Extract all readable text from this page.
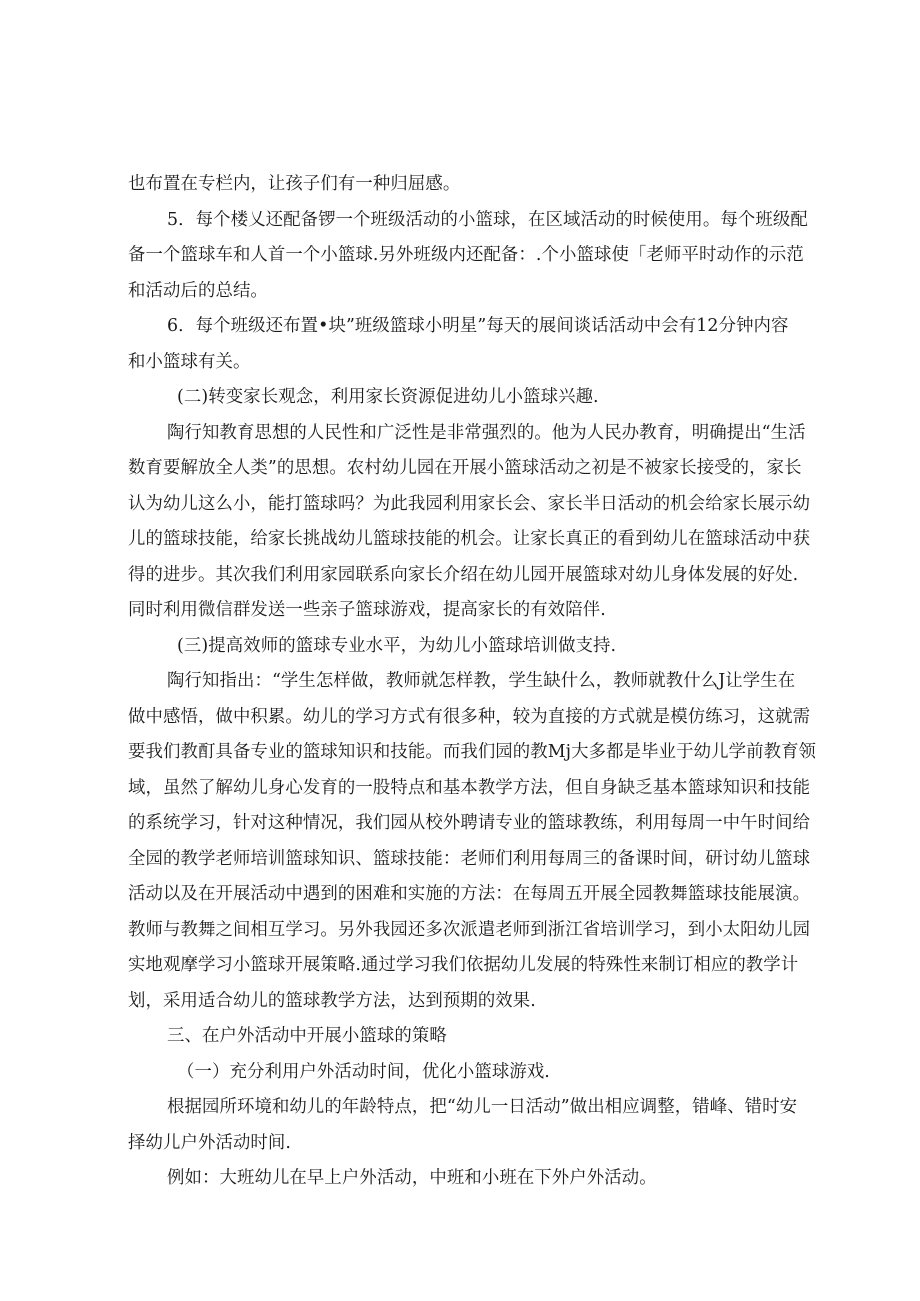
也布置在专栏内，让孩子们有一种归屈感。
5．每个楼乂还配备锣一个班级活动的小篮球，在区域活动的时候使用。每个班级配
备一个篮球车和人首一个小篮球.另外班级内还配备：.个小篮球使「老师平时动作的示范
和活动后的总结。
6．每个班级还布置•块”班级篮球小明星”每天的展间谈话活动中会有12分钟内容
和小篮球有关。
(二)转变家长观念，利用家长资源促进幼儿小篮球兴趣.
陶行知教育思想的人民性和广泛性是非常强烈的。他为人民办教育，明确提出“生活
数育要解放全人类”的思想。农村幼儿园在开展小篮球活动之初是不被家长接受的，家长
认为幼儿这么小，能打篮球吗？为此我园利用家长会、家长半日活动的机会给家长展示幼
儿的篮球技能，给家长挑战幼儿篮球技能的机会。让家长真正的看到幼儿在篮球活动中获
得的进步。其次我们利用家园联系向家长介绍在幼儿园开展篮球对幼儿身体发展的好处.
同时利用微信群发送一些亲子篮球游戏，提高家长的有效陪伴.
(三)提高效师的篮球专业水平，为幼儿小篮球培训做支持.
陶行知指出：“学生怎样做，教师就怎样教，学生缺什么，教师就教什么J让学生在
做中感悟，做中积累。幼儿的学习方式有很多种，较为直接的方式就是模仿练习，这就需
要我们教酊具备专业的篮球知识和技能。而我们园的教Mj大多都是毕业于幼儿学前教育领
域，虽然了解幼儿身心发育的一股特点和基本教学方法，但自身缺乏基本篮球知识和技能
的系统学习，针对这种情况，我们园从校外聘请专业的篮球教练，利用每周一中午时间给
全园的教学老师培训篮球知识、篮球技能：老师们利用每周三的备课时间，研讨幼儿篮球
活动以及在开展活动中遇到的困难和实施的方法：在每周五开展全园教舞篮球技能展演。
教师与教舞之间相互学习。另外我园还多次派遣老师到浙江省培训学习，到小太阳幼儿园
实地观摩学习小篮球开展策略.通过学习我们依据幼儿发展的特殊性来制订相应的教学计
划，采用适合幼儿的篮球教学方法，达到预期的效果.
三、在户外活动中开展小篮球的策略
（一）充分利用户外活动时间，优化小篮球游戏.
根据园所环境和幼儿的年龄特点，把“幼儿一日活动”做出相应调整，错峰、错时安
择幼儿户外活动时间.
例如：大班幼儿在早上户外活动，中班和小班在下外户外活动。
